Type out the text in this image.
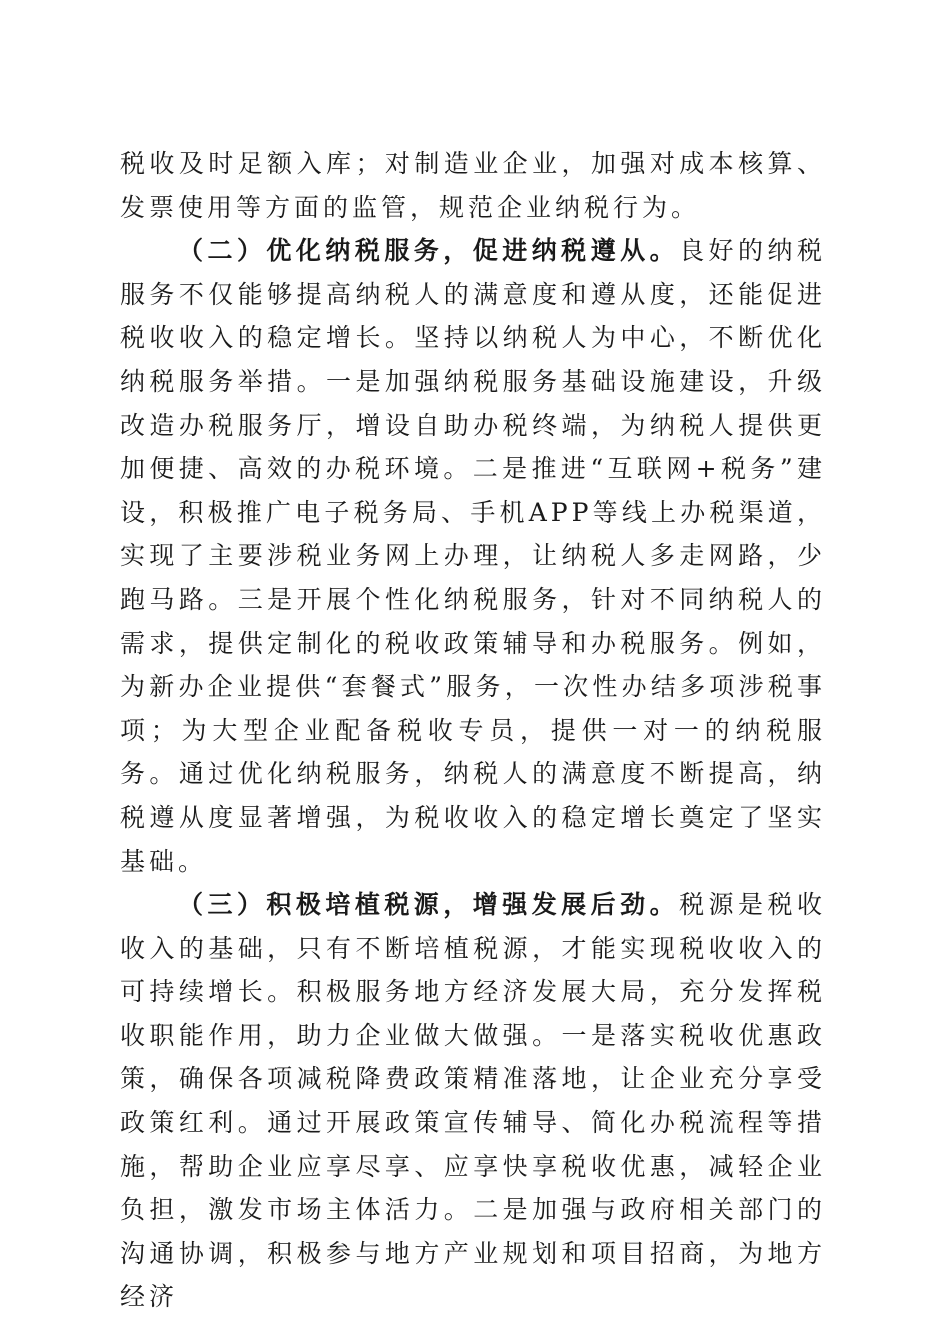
税收及时足额入库；对制造业企业，加强对成本核算、发票使用等方面的监管，规范企业纳税行为。

（二）优化纳税服务，促进纳税遵从。良好的纳税服务不仅能够提高纳税人的满意度和遵从度，还能促进税收收入的稳定增长。坚持以纳税人为中心，不断优化纳税服务举措。一是加强纳税服务基础设施建设，升级改造办税服务厅，增设自助办税终端，为纳税人提供更加便捷、高效的办税环境。二是推进“互联网+税务”建设，积极推广电子税务局、手机APP等线上办税渠道，实现了主要涉税业务网上办理，让纳税人多走网路，少跑马路。三是开展个性化纳税服务，针对不同纳税人的需求，提供定制化的税收政策辅导和办税服务。例如，为新办企业提供“套餐式”服务，一次性办结多项涉税事项；为大型企业配备税收专员，提供一对一的纳税服务。通过优化纳税服务，纳税人的满意度不断提高，纳税遵从度显著增强，为税收收入的稳定增长奠定了坚实基础。

（三）积极培植税源，增强发展后劲。税源是税收收入的基础，只有不断培植税源，才能实现税收收入的可持续增长。积极服务地方经济发展大局，充分发挥税收职能作用，助力企业做大做强。一是落实税收优惠政策，确保各项减税降费政策精准落地，让企业充分享受政策红利。通过开展政策宣传辅导、简化办税流程等措施，帮助企业应享尽享、应享快享税收优惠，减轻企业负担，激发市场主体活力。二是加强与政府相关部门的沟通协调，积极参与地方产业规划和项目招商，为地方经济
